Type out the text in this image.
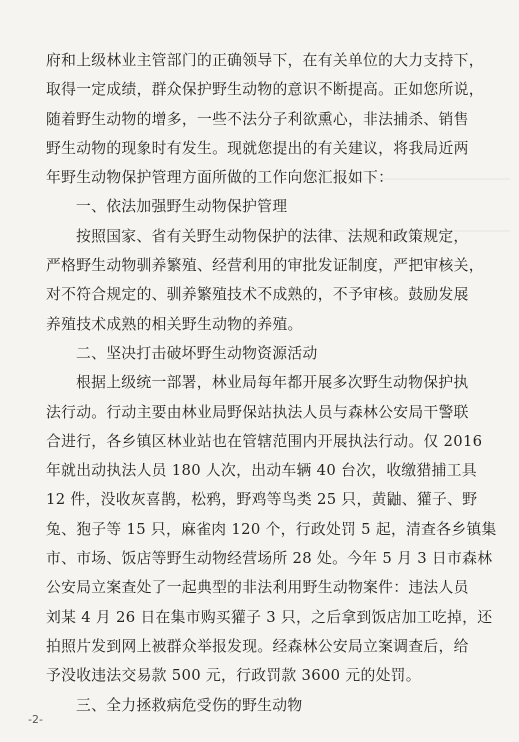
府和上级林业主管部门的正确领导下，在有关单位的大力支持下，
取得一定成绩，群众保护野生动物的意识不断提高。正如您所说，
随着野生动物的增多，一些不法分子利欲熏心，非法捕杀、销售
野生动物的现象时有发生。现就您提出的有关建议，将我局近两
年野生动物保护管理方面所做的工作向您汇报如下：
一、依法加强野生动物保护管理
按照国家、省有关野生动物保护的法律、法规和政策规定，
严格野生动物驯养繁殖、经营利用的审批发证制度，严把审核关，
对不符合规定的、驯养繁殖技术不成熟的，不予审核。鼓励发展
养殖技术成熟的相关野生动物的养殖。
二、坚决打击破坏野生动物资源活动
根据上级统一部署，林业局每年都开展多次野生动物保护执
法行动。行动主要由林业局野保站执法人员与森林公安局干警联
合进行，各乡镇区林业站也在管辖范围内开展执法行动。仅 2016
年就出动执法人员 180 人次，出动车辆 40 台次，收缴猎捕工具
12 件，没收灰喜鹊，松鸦，野鸡等鸟类 25 只，黄鼬、獾子、野
兔、狍子等 15 只，麻雀肉 120 个，行政处罚 5 起，清查各乡镇集
市、市场、饭店等野生动物经营场所 28 处。今年 5 月 3 日市森林
公安局立案查处了一起典型的非法利用野生动物案件：违法人员
刘某 4 月 26 日在集市购买獾子 3 只，之后拿到饭店加工吃掉，还
拍照片发到网上被群众举报发现。经森林公安局立案调查后，给
予没收违法交易款 500 元，行政罚款 3600 元的处罚。
三、全力拯救病危受伤的野生动物
-2-
